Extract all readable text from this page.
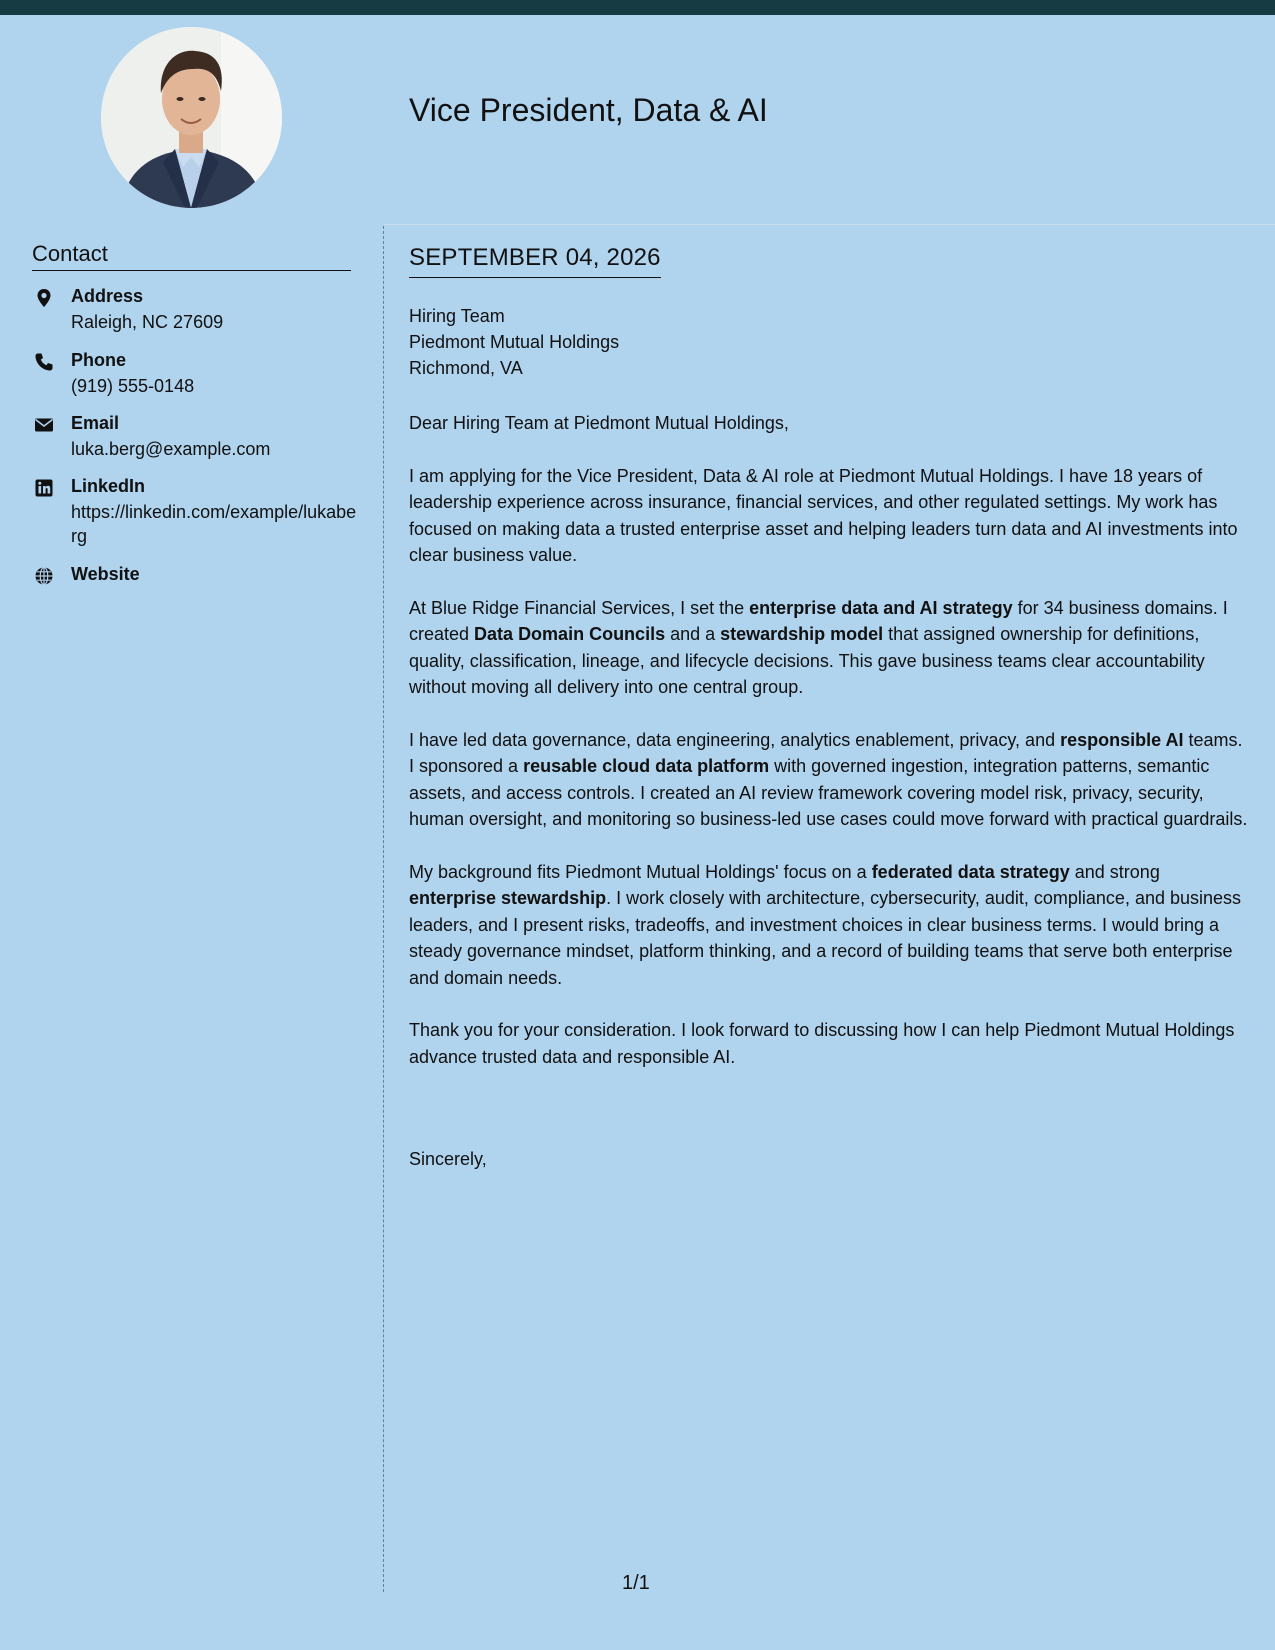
Vice President, Data & AI
Contact
Address
Raleigh, NC 27609
Phone
(919) 555-0148
Email
luka.berg@example.com
LinkedIn
https://linkedin.com/example/lukaberg
Website
SEPTEMBER 04, 2026
Hiring Team
Piedmont Mutual Holdings
Richmond, VA

Dear Hiring Team at Piedmont Mutual Holdings,

I am applying for the Vice President, Data & AI role at Piedmont Mutual Holdings. I have 18 years of leadership experience across insurance, financial services, and other regulated settings. My work has focused on making data a trusted enterprise asset and helping leaders turn data and AI investments into clear business value.

At Blue Ridge Financial Services, I set the enterprise data and AI strategy for 34 business domains. I created Data Domain Councils and a stewardship model that assigned ownership for definitions, quality, classification, lineage, and lifecycle decisions. This gave business teams clear accountability without moving all delivery into one central group.

I have led data governance, data engineering, analytics enablement, privacy, and responsible AI teams. I sponsored a reusable cloud data platform with governed ingestion, integration patterns, semantic assets, and access controls. I created an AI review framework covering model risk, privacy, security, human oversight, and monitoring so business-led use cases could move forward with practical guardrails.

My background fits Piedmont Mutual Holdings' focus on a federated data strategy and strong enterprise stewardship. I work closely with architecture, cybersecurity, audit, compliance, and business leaders, and I present risks, tradeoffs, and investment choices in clear business terms. I would bring a steady governance mindset, platform thinking, and a record of building teams that serve both enterprise and domain needs.

Thank you for your consideration. I look forward to discussing how I can help Piedmont Mutual Holdings advance trusted data and responsible AI.

Sincerely,
1/1
